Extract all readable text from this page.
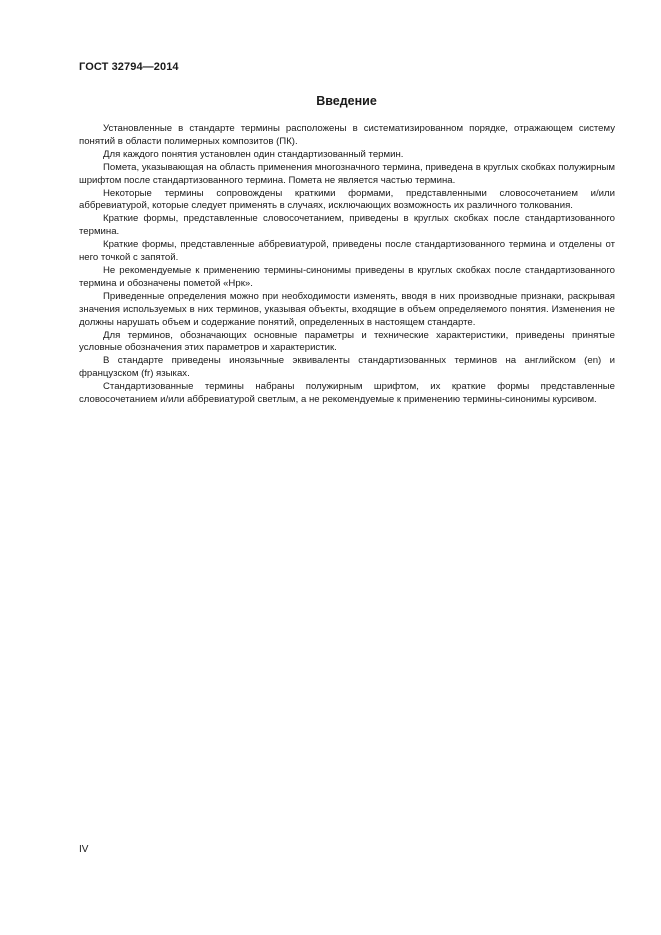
ГОСТ 32794—2014
Введение

Установленные в стандарте термины расположены в систематизированном порядке, отражающем систему понятий в области полимерных композитов (ПК).

Для каждого понятия установлен один стандартизованный термин.

Помета, указывающая на область применения многозначного термина, приведена в круглых скобках полужирным шрифтом после стандартизованного термина. Помета не является частью термина.

Некоторые термины сопровождены краткими формами, представленными словосочетанием и/или аббревиатурой, которые следует применять в случаях, исключающих возможность их различного толкования.

Краткие формы, представленные словосочетанием, приведены в круглых скобках после стандартизованного термина.

Краткие формы, представленные аббревиатурой, приведены после стандартизованного термина и отделены от него точкой с запятой.

Не рекомендуемые к применению термины-синонимы приведены в круглых скобках после стандартизованного термина и обозначены пометой «Нрк».

Приведенные определения можно при необходимости изменять, вводя в них производные признаки, раскрывая значения используемых в них терминов, указывая объекты, входящие в объем определяемого понятия. Изменения не должны нарушать объем и содержание понятий, определенных в настоящем стандарте.

Для терминов, обозначающих основные параметры и технические характеристики, приведены принятые условные обозначения этих параметров и характеристик.

В стандарте приведены иноязычные эквиваленты стандартизованных терминов на английском (en) и французском (fr) языках.

Стандартизованные термины набраны полужирным шрифтом, их краткие формы представленные словосочетанием и/или аббревиатурой светлым, а не рекомендуемые к применению термины-синонимы курсивом.

IV
